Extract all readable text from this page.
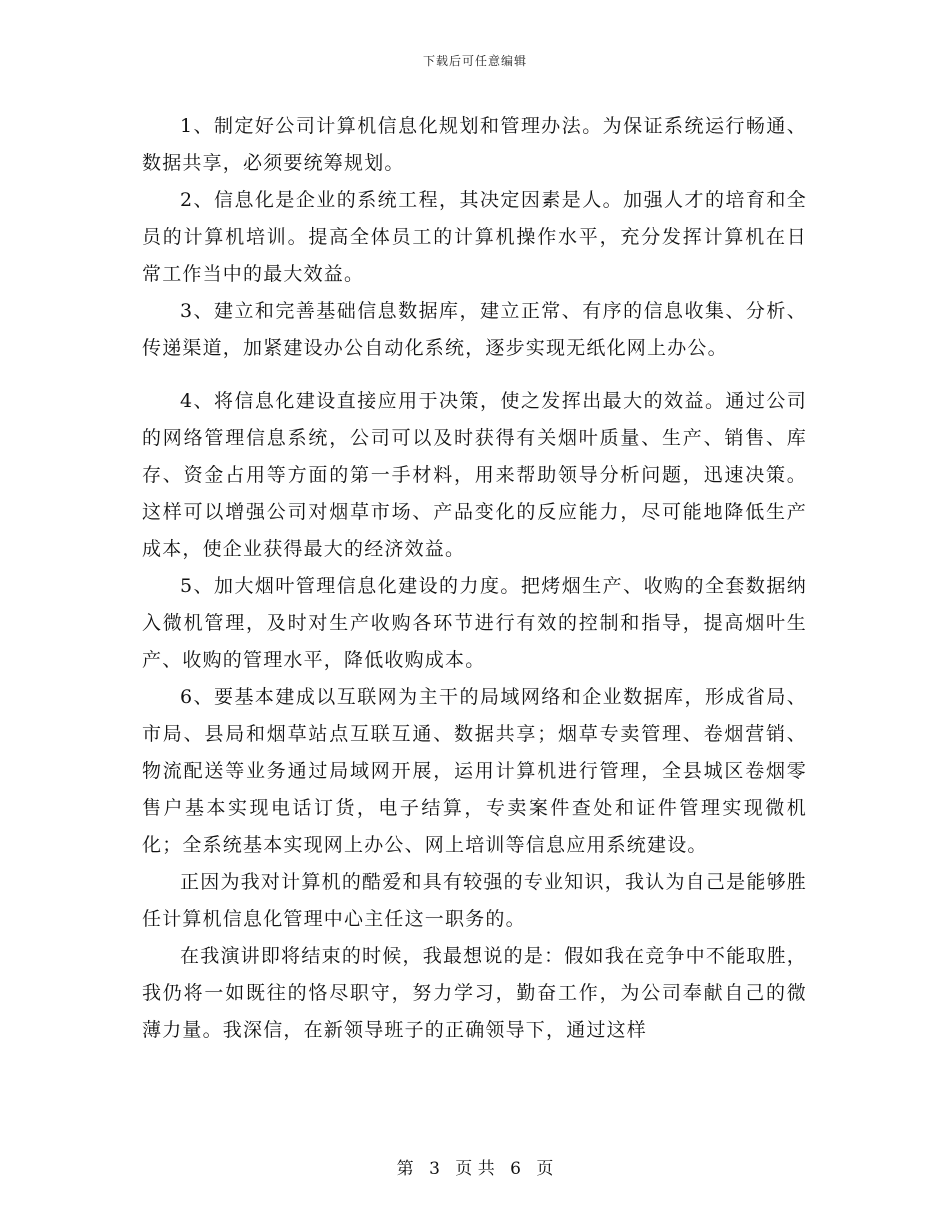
下载后可任意编辑

1、制定好公司计算机信息化规划和管理办法。为保证系统运行畅通、数据共享，必须要统筹规划。

2、信息化是企业的系统工程，其决定因素是人。加强人才的培育和全员的计算机培训。提高全体员工的计算机操作水平，充分发挥计算机在日常工作当中的最大效益。

3、建立和完善基础信息数据库，建立正常、有序的信息收集、分析、传递渠道，加紧建设办公自动化系统，逐步实现无纸化网上办公。

4、将信息化建设直接应用于决策，使之发挥出最大的效益。通过公司的网络管理信息系统，公司可以及时获得有关烟叶质量、生产、销售、库存、资金占用等方面的第一手材料，用来帮助领导分析问题，迅速决策。这样可以增强公司对烟草市场、产品变化的反应能力，尽可能地降低生产成本，使企业获得最大的经济效益。

5、加大烟叶管理信息化建设的力度。把烤烟生产、收购的全套数据纳入微机管理，及时对生产收购各环节进行有效的控制和指导，提高烟叶生产、收购的管理水平，降低收购成本。

6、要基本建成以互联网为主干的局域网络和企业数据库，形成省局、市局、县局和烟草站点互联互通、数据共享；烟草专卖管理、卷烟营销、物流配送等业务通过局域网开展，运用计算机进行管理，全县城区卷烟零售户基本实现电话订货，电子结算，专卖案件查处和证件管理实现微机化；全系统基本实现网上办公、网上培训等信息应用系统建设。

正因为我对计算机的酷爱和具有较强的专业知识，我认为自己是能够胜任计算机信息化管理中心主任这一职务的。

在我演讲即将结束的时候，我最想说的是：假如我在竞争中不能取胜，我仍将一如既往的恪尽职守，努力学习，勤奋工作，为公司奉献自己的微薄力量。我深信，在新领导班子的正确领导下，通过这样

第 3 页 共 6 页
